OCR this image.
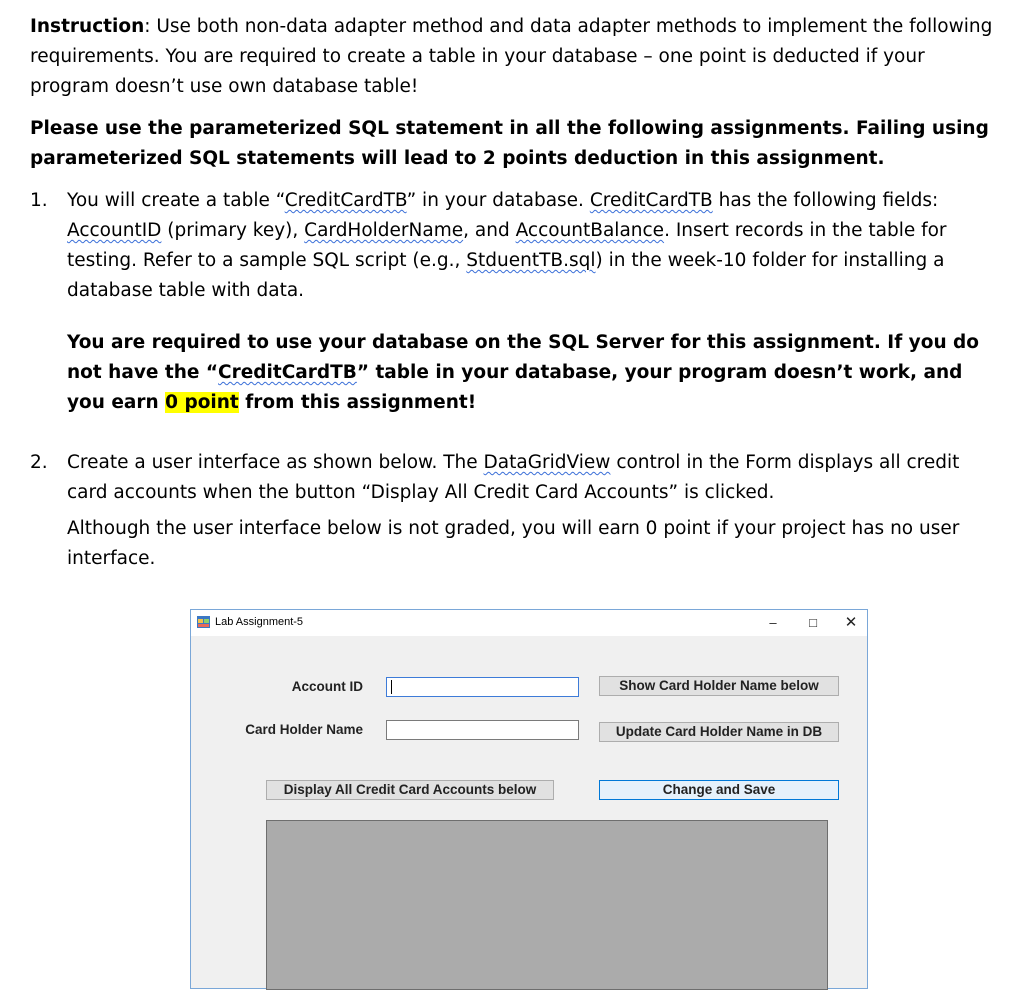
Instruction: Use both non-data adapter method and data adapter methods to implement the following requirements. You are required to create a table in your database – one point is deducted if your program doesn’t use own database table!

Please use the parameterized SQL statement in all the following assignments. Failing using parameterized SQL statements will lead to 2 points deduction in this assignment.

1. You will create a table “CreditCardTB” in your database. CreditCardTB has the following fields: AccountID (primary key), CardHolderName, and AccountBalance. Insert records in the table for testing. Refer to a sample SQL script (e.g., StduentTB.sql) in the week-10 folder for installing a database table with data.

You are required to use your database on the SQL Server for this assignment. If you do not have the “CreditCardTB” table in your database, your program doesn’t work, and you earn 0 point from this assignment!

2. Create a user interface as shown below. The DataGridView control in the Form displays all credit card accounts when the button “Display All Credit Card Accounts” is clicked.

Although the user interface below is not graded, you will earn 0 point if your project has no user interface.

Lab Assignment-5	–	□	✕
Account ID	Show Card Holder Name below
Card Holder Name	Update Card Holder Name in DB
Display All Credit Card Accounts below	Change and Save
